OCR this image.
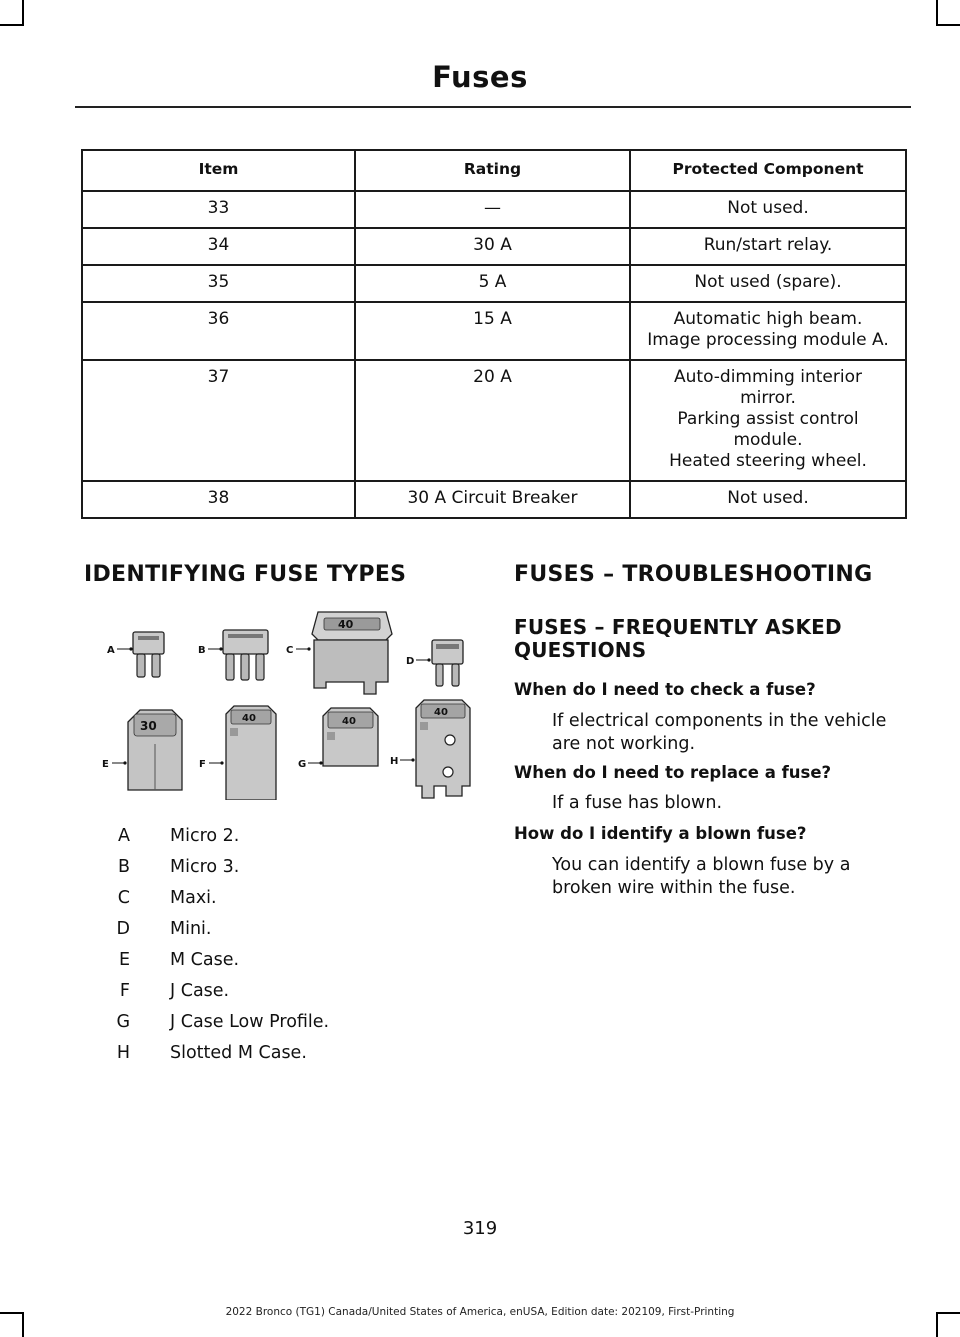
Fuses
Item	Rating	Protected Component
33	—	Not used.

34	30 A	Run/start relay.

35	5 A	Not used (spare).

36	15 A	Automatic high beam.
Image processing module A.

37	20 A	Auto-dimming interior mirror.
Parking assist control module.
Heated steering wheel.

38	30 A Circuit Breaker	Not used.
IDENTIFYING FUSE TYPES
A	B	C
40
D
E
30
F
40
G
40
H
40
A Micro 2.
B Micro 3.
C Maxi.
D Mini.
E M Case.
F J Case.
G J Case Low Profile.
H Slotted M Case.
FUSES – TROUBLESHOOTING
FUSES – FREQUENTLY ASKED QUESTIONS
When do I need to check a fuse?
If electrical components in the vehicle are not working.
When do I need to replace a fuse?
If a fuse has blown.
How do I identify a blown fuse?
You can identify a blown fuse by a broken wire within the fuse.
319
2022 Bronco (TG1) Canada/United States of America, enUSA, Edition date: 202109, First-Printing
